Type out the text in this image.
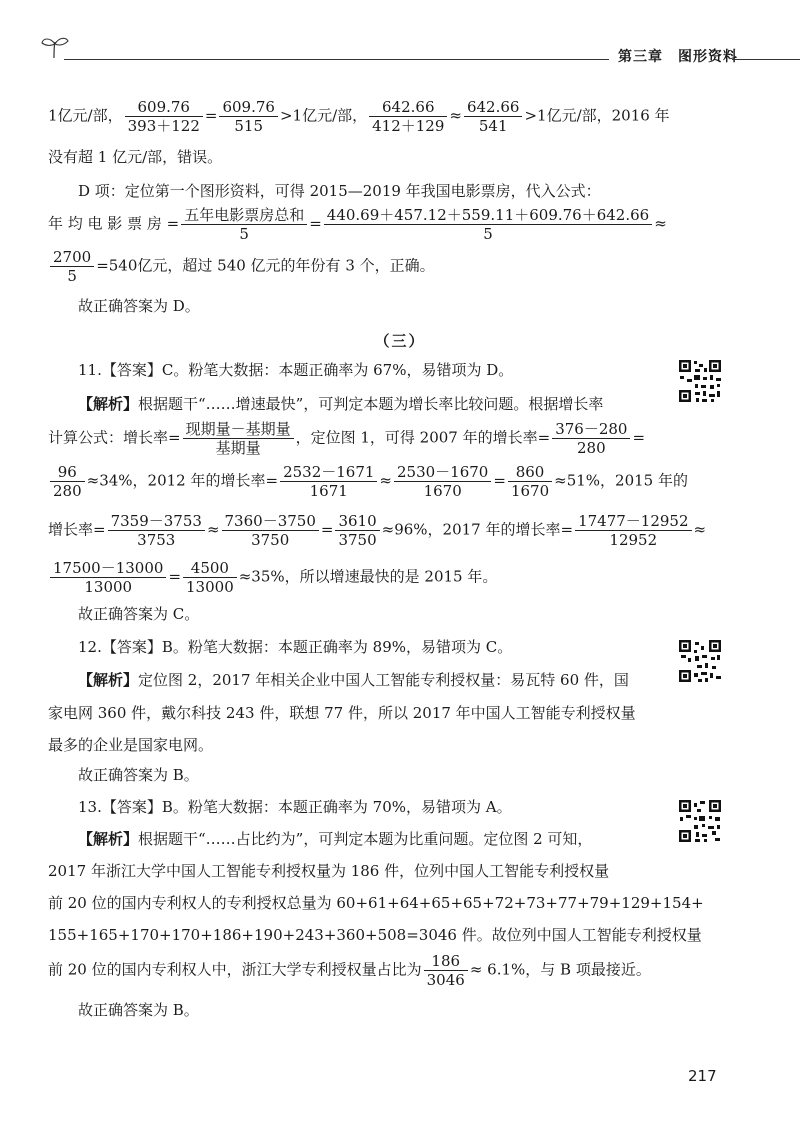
第三章　图形资料
1亿元/部， $\frac{609.76}{393+122} = \frac{609.76}{515} >1$亿元/部， $\frac{642.66}{412+129} \approx \frac{642.66}{541} >1$亿元/部，2016 年
没有超 1 亿元/部，错误。
D 项：定位第一个图形资料，可得 2015—2019 年我国电影票房，代入公式：
年 均 电 影 票 房 = $\frac{\text{五年电影票房总和}}{5} = \frac{440.69+457.12+559.11+609.76+642.66}{5}$ ≈
$\frac{2700}{5} =540$亿元，超过 540 亿元的年份有 3 个，正确。
故正确答案为 D。
（三）
11.【答案】C。粉笔大数据：本题正确率为 67%，易错项为 D。
【解析】根据题干“……增速最快”，可判定本题为增长率比较问题。根据增长率
计算公式：增长率= $\frac{\text{现期量－基期量}}{\text{基期量}}$ ，定位图 1，可得 2007 年的增长率= $\frac{376-280}{280}$ =
$\frac{96}{280} \approx 34\%$，2012 年的增长率= $\frac{2532-1671}{1671} \approx \frac{2530-1670}{1670} = \frac{860}{1670} \approx 51\%$，2015 年的
增长率= $\frac{7359-3753}{3753} \approx \frac{7360-3750}{3750} = \frac{3610}{3750} \approx 96\%$，2017 年的增长率= $\frac{17477-12952}{12952}$ ≈
$\frac{17500-13000}{13000} = \frac{4500}{13000} \approx 35\%$，所以增速最快的是 2015 年。
故正确答案为 C。
12.【答案】B。粉笔大数据：本题正确率为 89%，易错项为 C。
【解析】定位图 2，2017 年相关企业中国人工智能专利授权量：易瓦特 60 件，国
家电网 360 件，戴尔科技 243 件，联想 77 件，所以 2017 年中国人工智能专利授权量
最多的企业是国家电网。
故正确答案为 B。
13.【答案】B。粉笔大数据：本题正确率为 70%，易错项为 A。
【解析】根据题干“……占比约为”，可判定本题为比重问题。定位图 2 可知，
2017 年浙江大学中国人工智能专利授权量为 186 件，位列中国人工智能专利授权量
前 20 位的国内专利权人的专利授权总量为 60+61+64+65+65+72+73+77+79+129+154+
155+165+170+170+186+190+243+360+508=3046 件。故位列中国人工智能专利授权量
前 20 位的国内专利权人中，浙江大学专利授权量占比为 $\frac{186}{3046} \approx 6.1\%$，与 B 项最接近。
故正确答案为 B。
217
